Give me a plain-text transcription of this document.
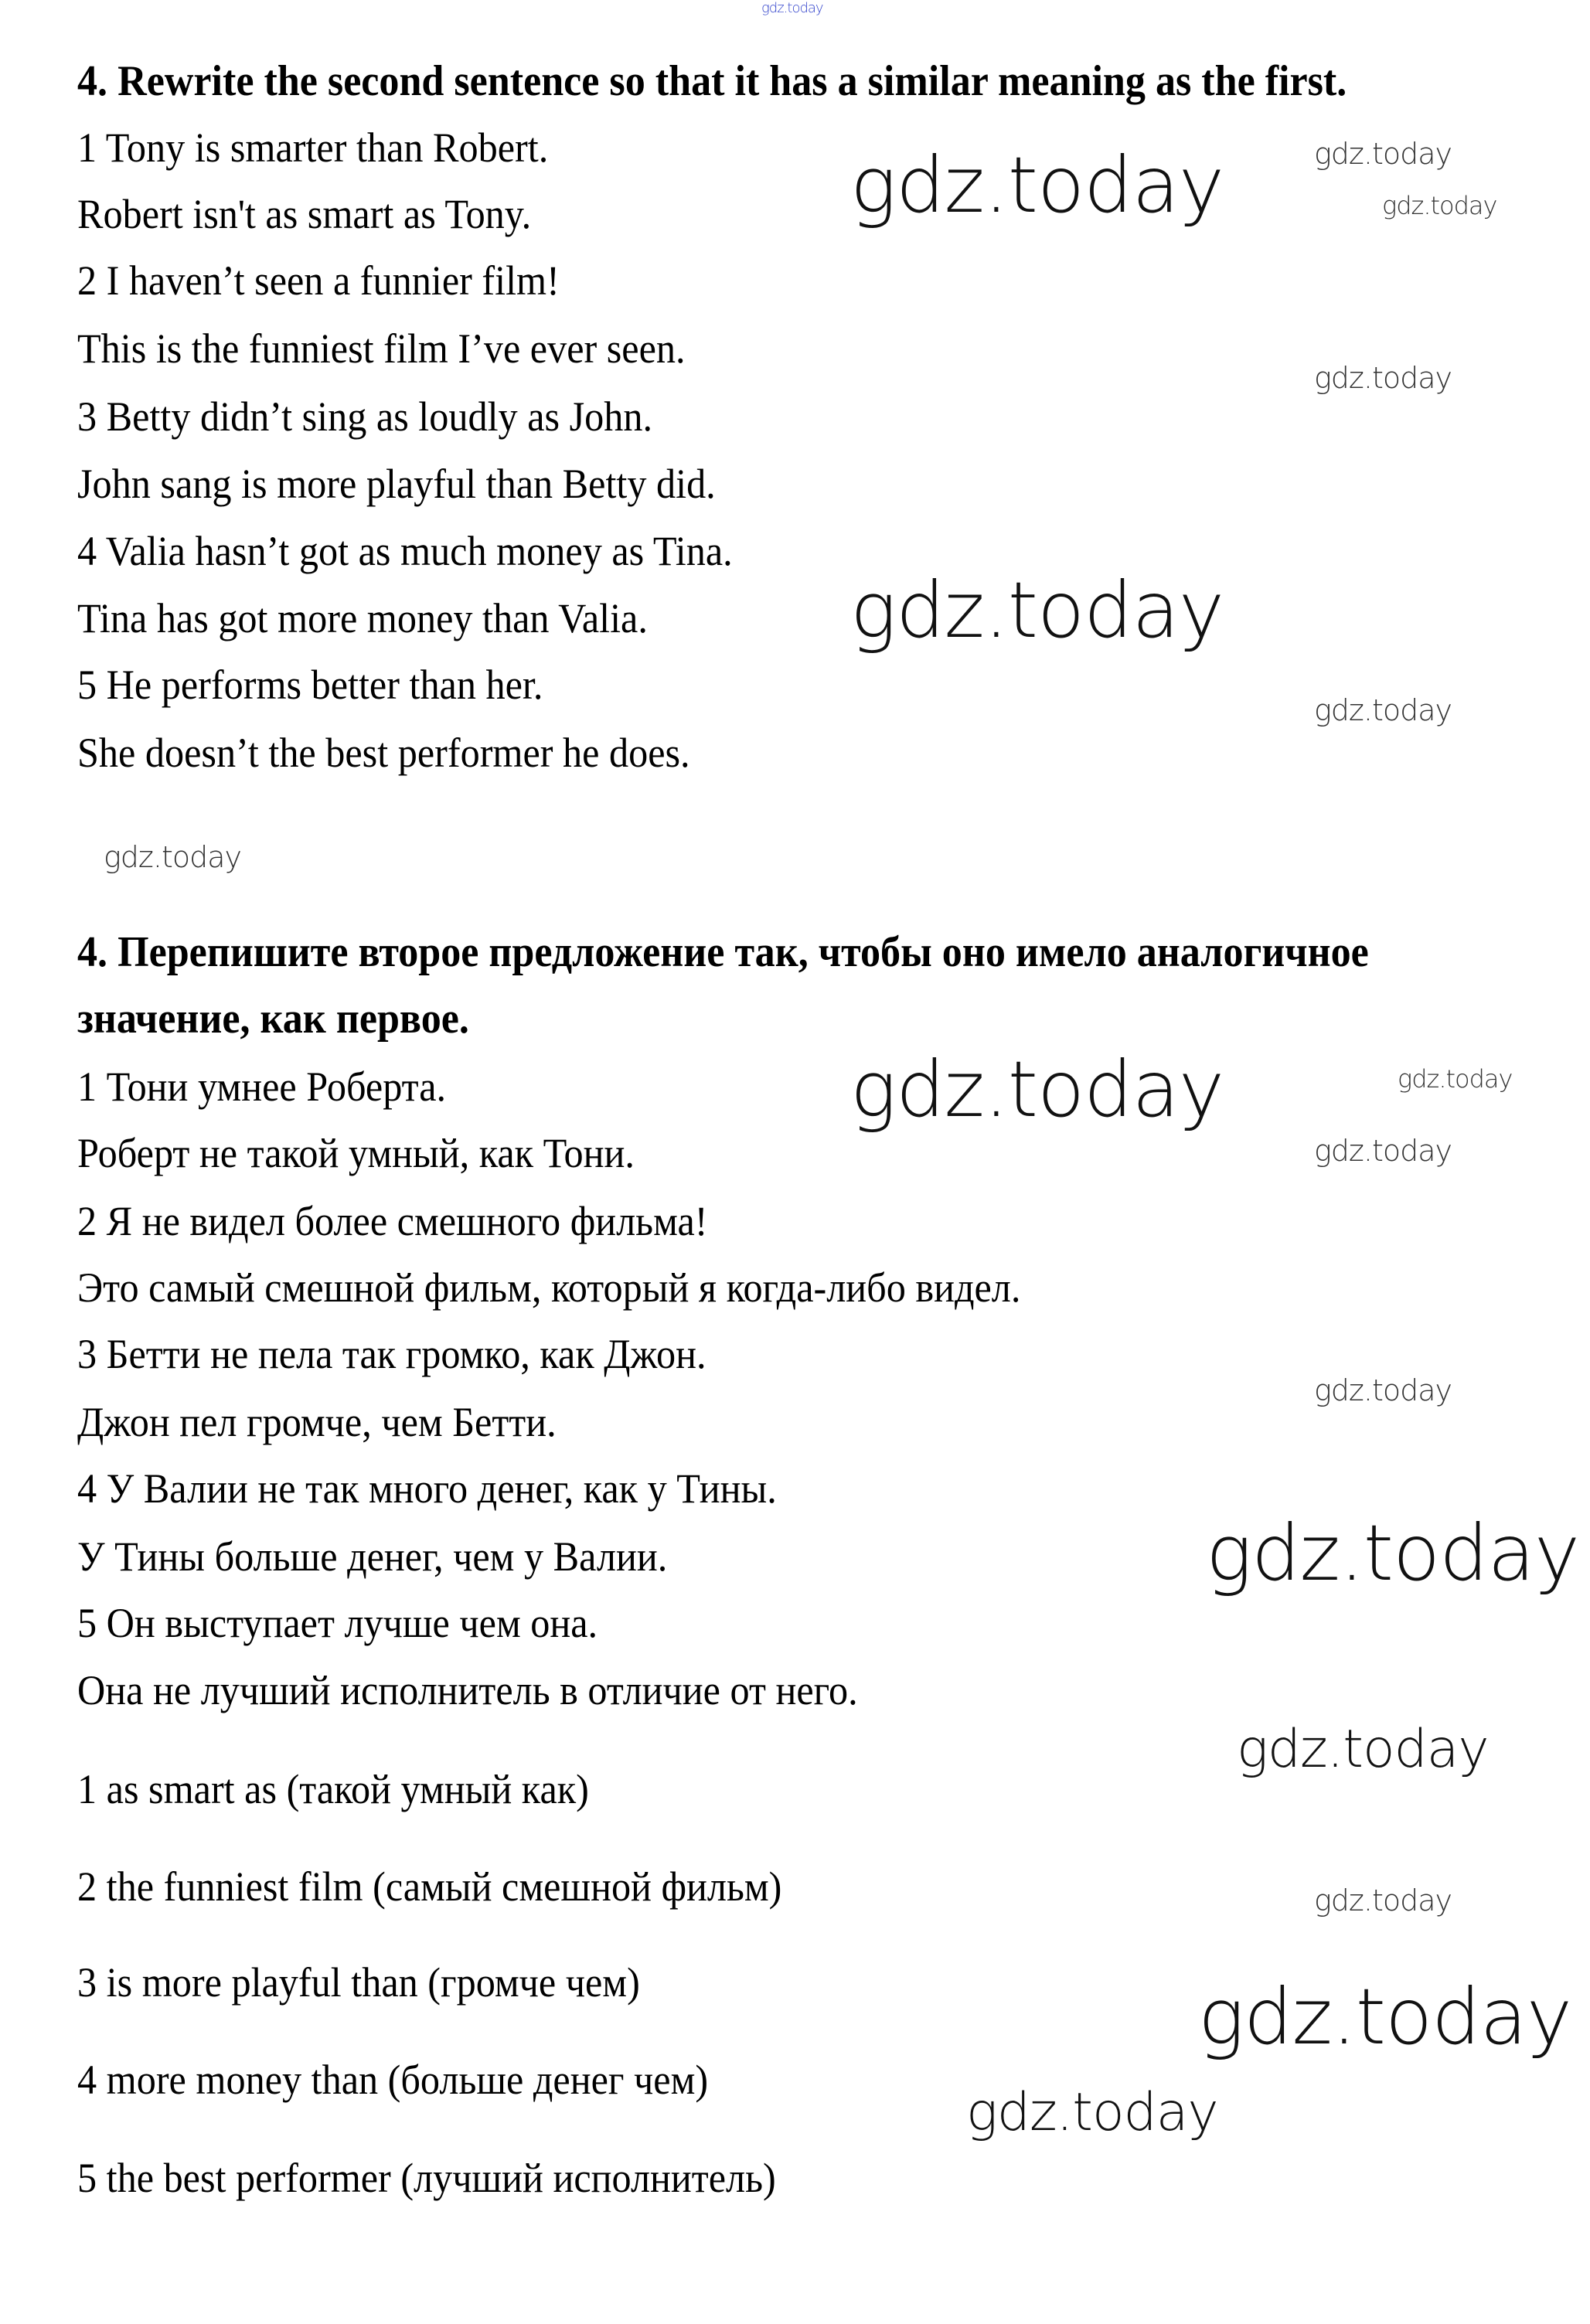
gdz.today
4. Rewrite the second sentence so that it has a similar meaning as the first.
1 Tony is smarter than Robert.
Robert isn't as smart as Tony.
2 I haven’t seen a funnier film!
This is the funniest film I’ve ever seen.
3 Betty didn’t sing as loudly as John.
John sang is more playful than Betty did.
4 Valia hasn’t got as much money as Tina.
Tina has got more money than Valia.
5 He performs better than her.
She doesn’t the best performer he does.
4. Перепишите второе предложение так, чтобы оно имело аналогичное
значение, как первое.
1 Тони умнее Роберта.
Роберт не такой умный, как Тони.
2 Я не видел более смешного фильма!
Это самый смешной фильм, который я когда-либо видел.
3 Бетти не пела так громко, как Джон.
Джон пел громче, чем Бетти.
4 У Валии не так много денег, как у Тины.
У Тины больше денег, чем у Валии.
5 Он выступает лучше чем она.
Она не лучший исполнитель в отличие от него.
1 as smart as (такой умный как)
2 the funniest film (самый смешной фильм)
3 is more playful than (громче чем)
4 more money than (больше денег чем)
5 the best performer (лучший исполнитель)
gdz.today
gdz.today	gdz.today
gdz.today
gdz.today
gdz.today
gdz.today
gdz.today
gdz.today
gdz.today
gdz.today
gdz.today
gdz.today
gdz.today
gdz.today
gdz.today
